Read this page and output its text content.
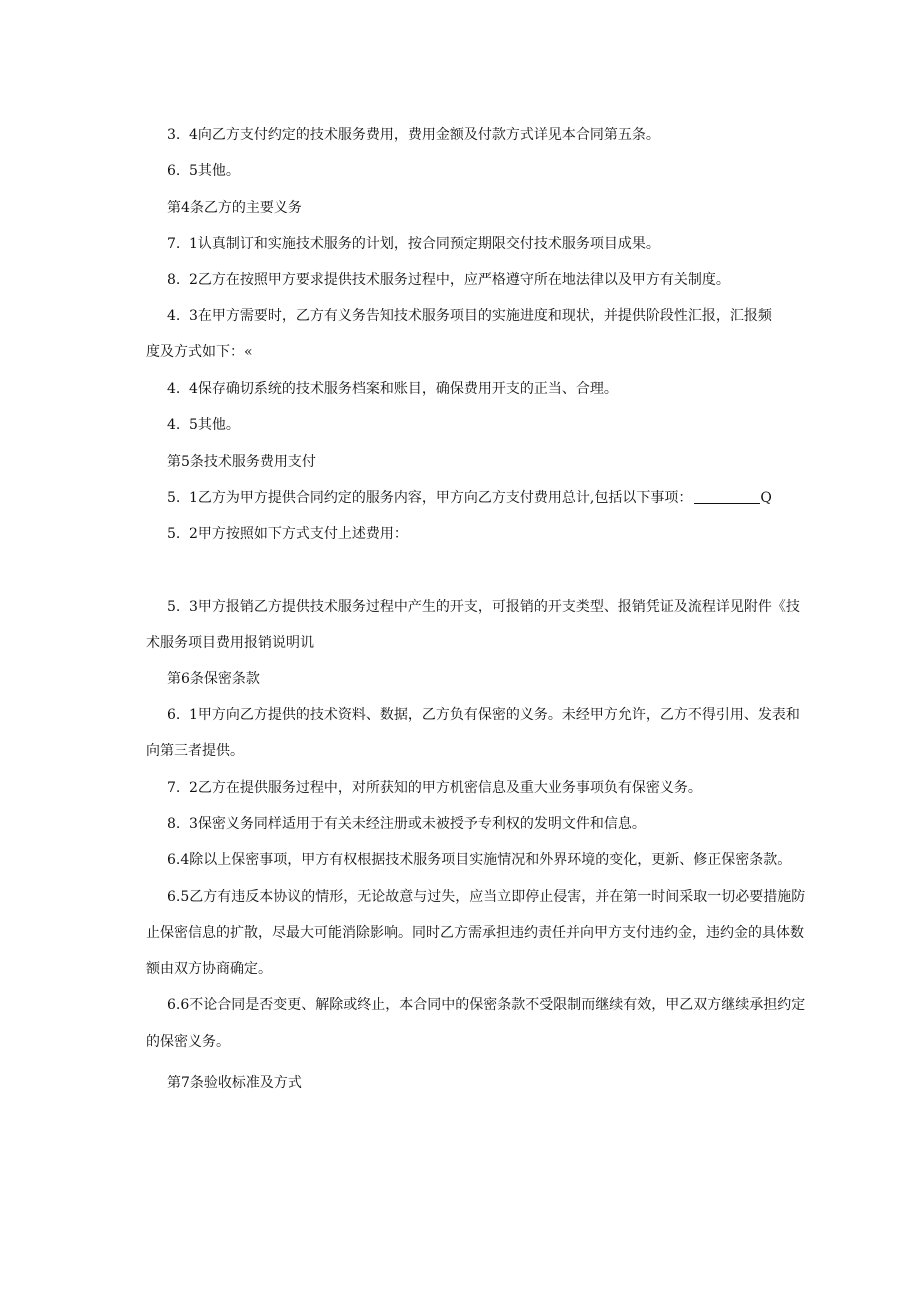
3. 4向乙方支付约定的技术服务费用，费用金额及付款方式详见本合同第五条。
6. 5其他。
第4条乙方的主要义务
7. 1认真制订和实施技术服务的计划，按合同预定期限交付技术服务项目成果。
8. 2乙方在按照甲方要求提供技术服务过程中，应严格遵守所在地法律以及甲方有关制度。
4. 3在甲方需要时，乙方有义务告知技术服务项目的实施进度和现状，并提供阶段性汇报，汇报频
度及方式如下：«
4. 4保存确切系统的技术服务档案和账目，确保费用开支的正当、合理。
4. 5其他。
第5条技术服务费用支付
5. 1乙方为甲方提供合同约定的服务内容，甲方向乙方支付费用总计,包括以下事项：	Q
5. 2甲方按照如下方式支付上述费用：
5. 3甲方报销乙方提供技术服务过程中产生的开支，可报销的开支类型、报销凭证及流程详见附件《技
术服务项目费用报销说明讥
第6条保密条款
6. 1甲方向乙方提供的技术资料、数据，乙方负有保密的义务。未经甲方允许，乙方不得引用、发表和
向第三者提供。
7. 2乙方在提供服务过程中，对所获知的甲方机密信息及重大业务事项负有保密义务。
8. 3保密义务同样适用于有关未经注册或未被授予专利权的发明文件和信息。
6.4除以上保密事项，甲方有权根据技术服务项目实施情况和外界环境的变化，更新、修正保密条款。
6.5乙方有违反本协议的情形，无论故意与过失，应当立即停止侵害，并在第一时间采取一切必要措施防
止保密信息的扩散，尽最大可能消除影响。同时乙方需承担违约责任并向甲方支付违约金，违约金的具体数
额由双方协商确定。
6.6不论合同是否变更、解除或终止，本合同中的保密条款不受限制而继续有效，甲乙双方继续承担约定
的保密义务。
第7条验收标准及方式
